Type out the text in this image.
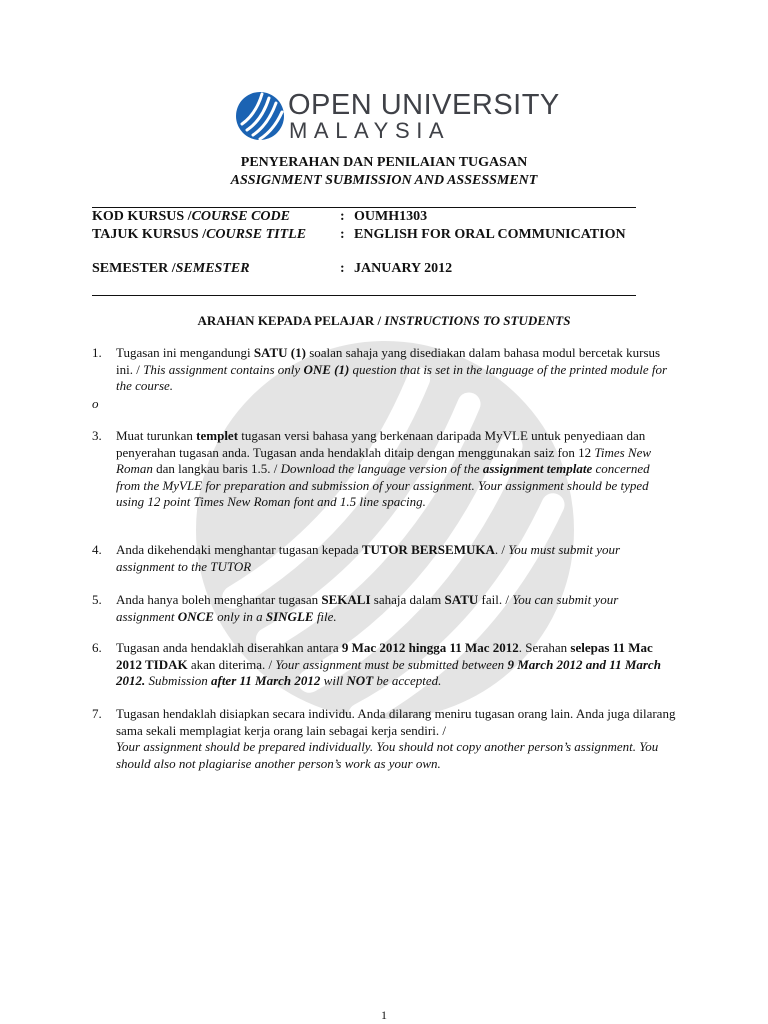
OPEN UNIVERSITY
MALAYSIA
PENYERAHAN DAN PENILAIAN TUGASAN
ASSIGNMENT SUBMISSION AND ASSESSMENT
KOD KURSUS /COURSE CODE	: OUMH1303
TAJUK KURSUS /COURSE TITLE : ENGLISH FOR ORAL COMMUNICATION
SEMESTER /SEMESTER	: JANUARY 2012
ARAHAN KEPADA PELAJAR / INSTRUCTIONS TO STUDENTS
1.	Tugasan ini mengandungi SATU (1) soalan sahaja yang disediakan dalam bahasa modul bercetak kursus ini. / This assignment contains only ONE (1) question that is set in the language of the printed module for the course.
o
3.	Muat turunkan templet tugasan versi bahasa yang berkenaan daripada MyVLE untuk penyediaan dan penyerahan tugasan anda. Tugasan anda hendaklah ditaip dengan menggunakan saiz fon 12 Times New Roman dan langkau baris 1.5. / Download the language version of the assignment template concerned from the MyVLE for preparation and submission of your assignment. Your assignment should be typed using 12 point Times New Roman font and 1.5 line spacing.
4.	Anda dikehendaki menghantar tugasan kepada TUTOR BERSEMUKA. / You must submit your assignment to the TUTOR
5.	Anda hanya boleh menghantar tugasan SEKALI sahaja dalam SATU fail. / You can submit your assignment ONCE only in a SINGLE file.
6.	Tugasan anda hendaklah diserahkan antara 9 Mac 2012 hingga 11 Mac 2012. Serahan selepas 11 Mac 2012 TIDAK akan diterima. / Your assignment must be submitted between 9 March 2012 and 11 March 2012. Submission after 11 March 2012 will NOT be accepted.
7.	Tugasan hendaklah disiapkan secara individu. Anda dilarang meniru tugasan orang lain. Anda juga dilarang sama sekali memplagiat kerja orang lain sebagai kerja sendiri. /
Your assignment should be prepared individually. You should not copy another person’s assignment. You should also not plagiarise another person’s work as your own.
1
